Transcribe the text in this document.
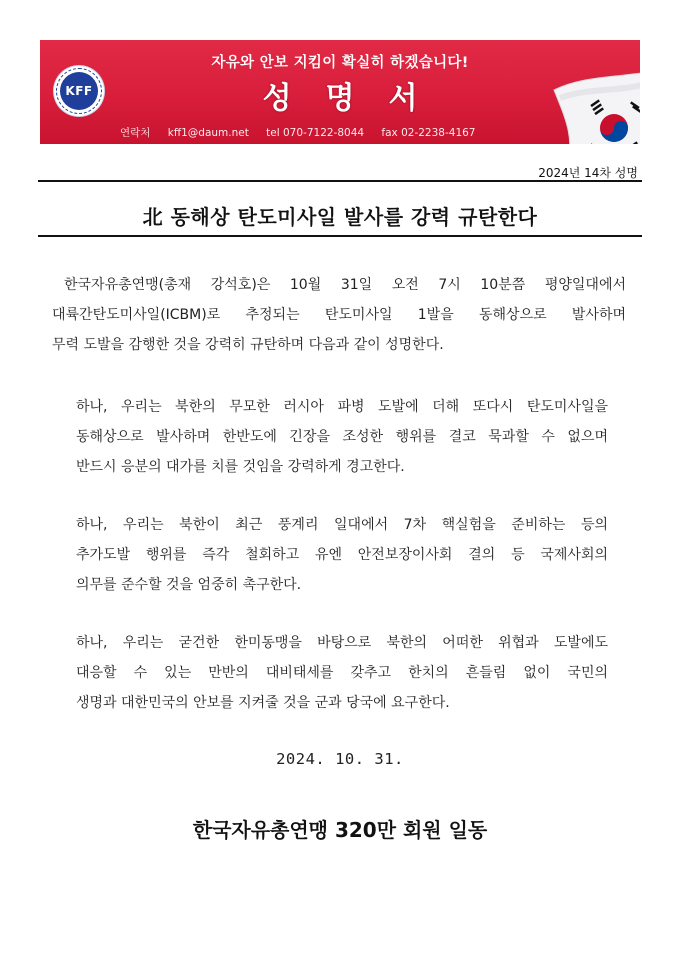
KFF
자유와 안보 지킴이 확실히 하겠습니다!
성명서
연락처 kff1@daum.net tel 070-7122-8044 fax 02-2238-4167
2024년 14차 성명
北 동해상 탄도미사일 발사를 강력 규탄한다
한국자유총연맹(총재 강석호)은 10월 31일 오전 7시 10분쯤 평양일대에서
대륙간탄도미사일(ICBM)로 추정되는 탄도미사일 1발을 동해상으로 발사하며
무력 도발을 감행한 것을 강력히 규탄하며 다음과 같이 성명한다.
하나, 우리는 북한의 무모한 러시아 파병 도발에 더해 또다시 탄도미사일을
동해상으로 발사하며 한반도에 긴장을 조성한 행위를 결코 묵과할 수 없으며
반드시 응분의 대가를 치를 것임을 강력하게 경고한다.
하나, 우리는 북한이 최근 풍계리 일대에서 7차 핵실험을 준비하는 등의
추가도발 행위를 즉각 철회하고 유엔 안전보장이사회 결의 등 국제사회의
의무를 준수할 것을 엄중히 촉구한다.
하나, 우리는 굳건한 한미동맹을 바탕으로 북한의 어떠한 위협과 도발에도
대응할 수 있는 만반의 대비태세를 갖추고 한치의 흔들림 없이 국민의
생명과 대한민국의 안보를 지켜줄 것을 군과 당국에 요구한다.
2024. 10. 31.
한국자유총연맹 320만 회원 일동
